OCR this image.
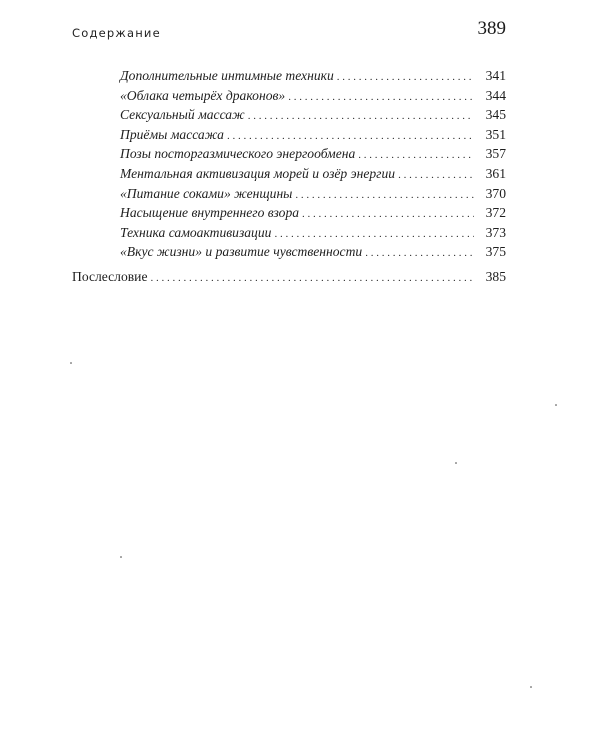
Содержание	389
Дополнительные интимные техники . . .	341
«Облака четырёх драконов» . . .	344
Сексуальный массаж . . .	345
Приёмы массажа . . .	351
Позы посторгазмического энергообмена . . .	357
Ментальная активизация морей и озёр энергии . . .	361
«Питание соками» женщины . . .	370
Насыщение внутреннего взора . . .	372
Техника самоактивизации . . .	373
«Вкус жизни» и развитие чувственности . . .	375
Послесловие . . .	385
